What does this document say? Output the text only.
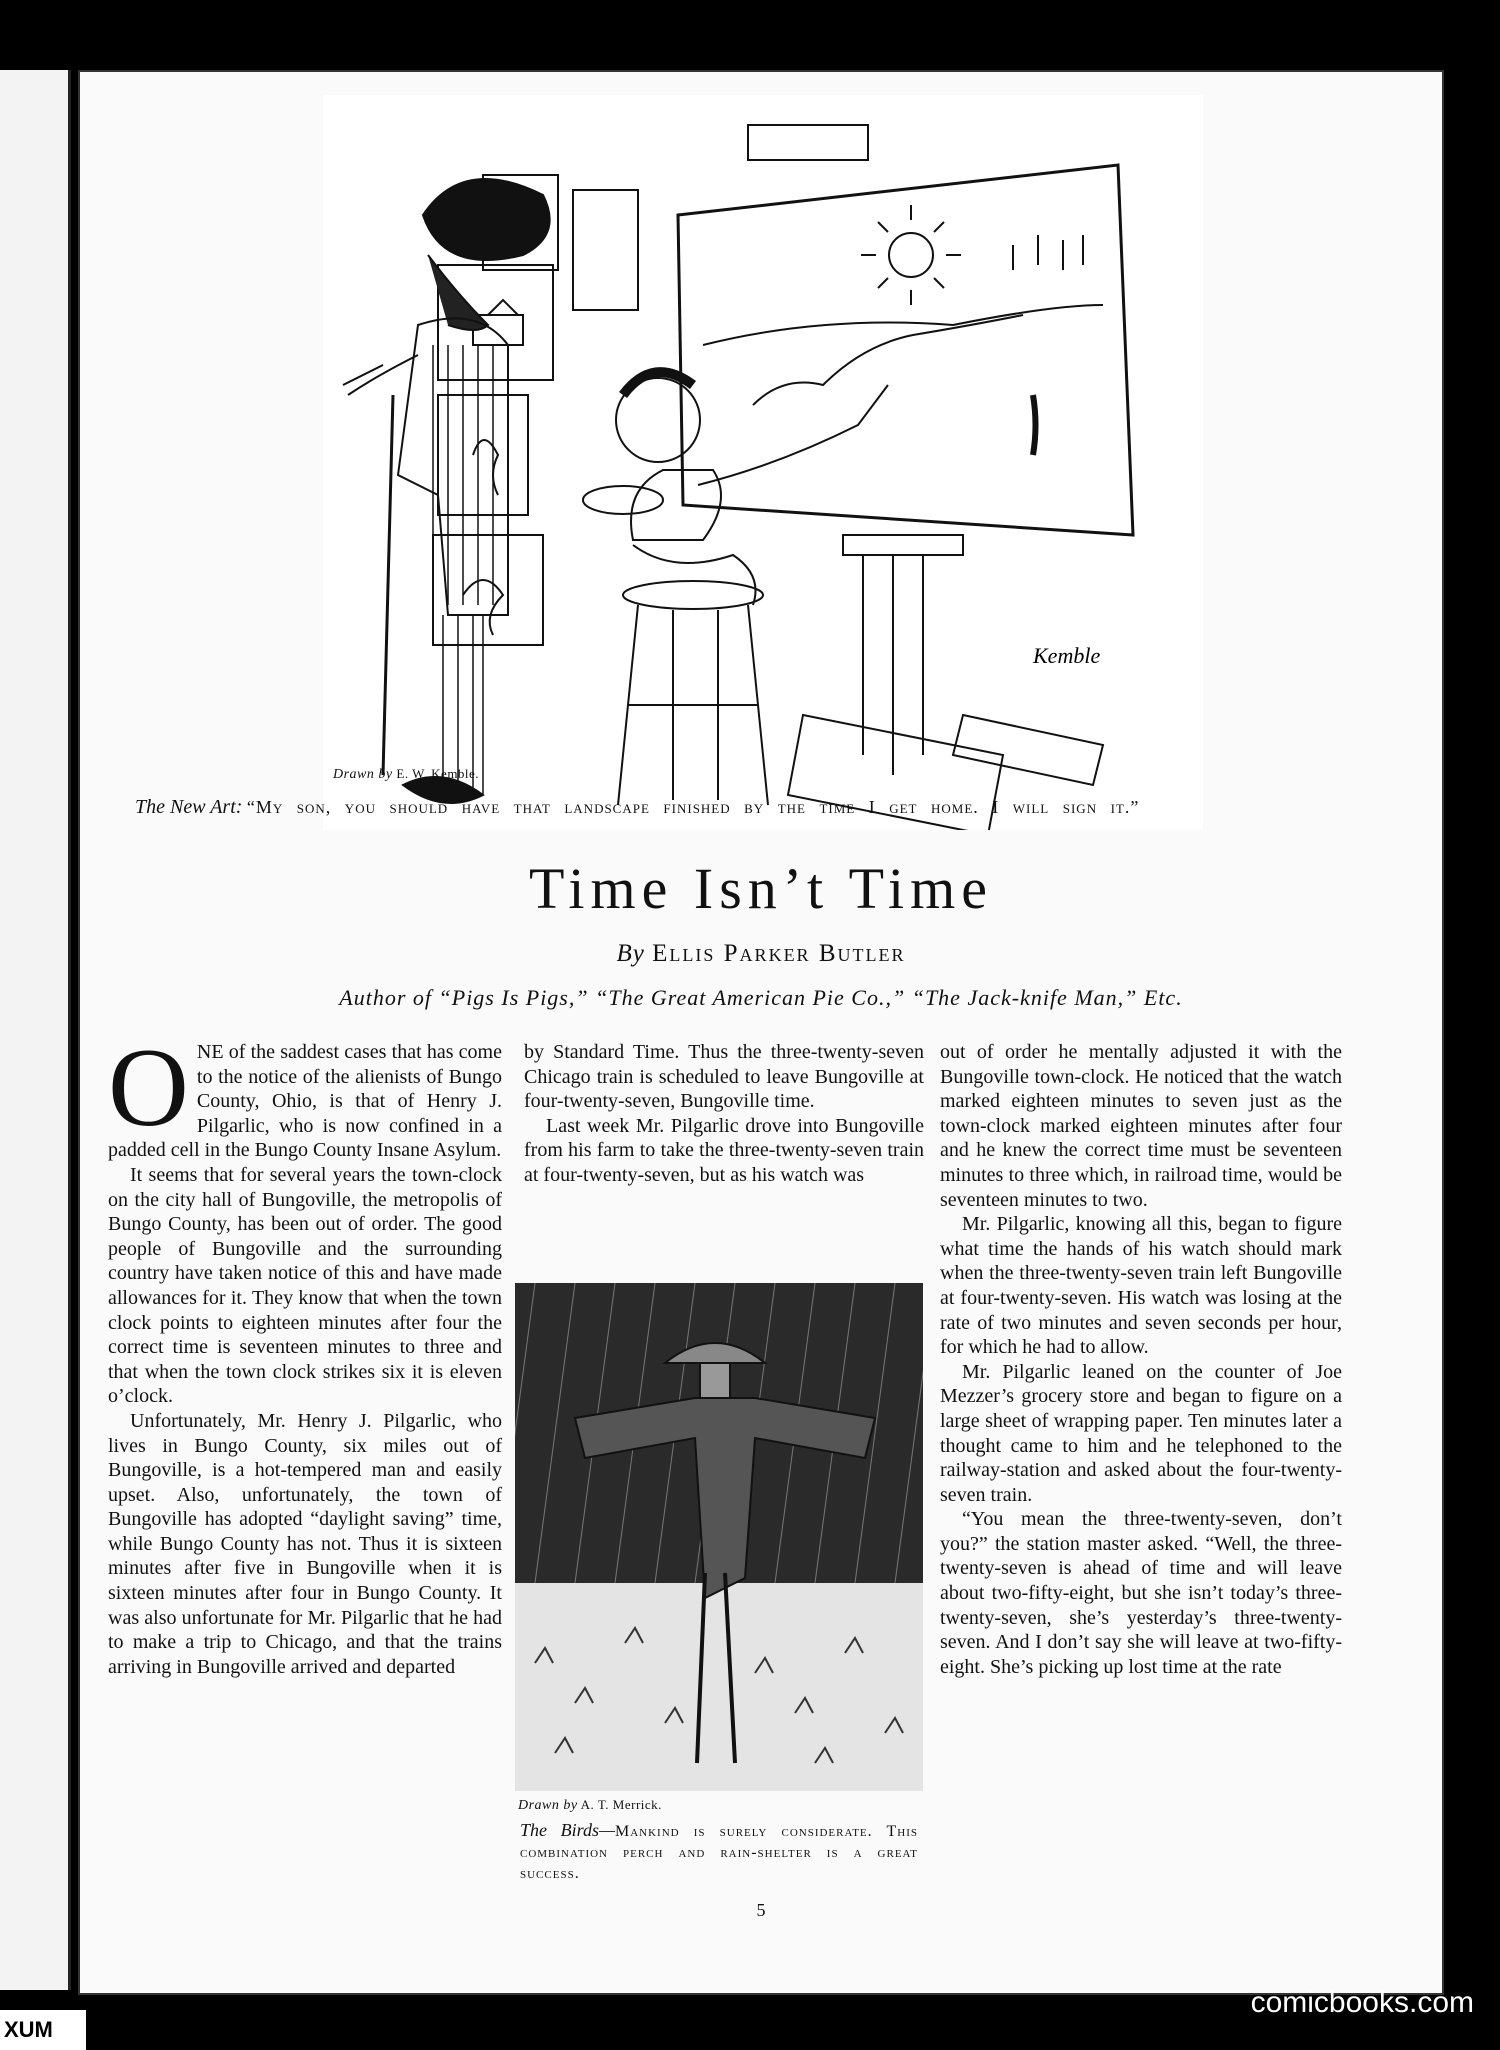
Kemble
Drawn by E. W. Kemble.
The New Art: “My son, you should have that landscape finished by the time I get home. I will sign it.”
Time Isn’t Time
By Ellis Parker Butler
Author of “Pigs Is Pigs,” “The Great American Pie Co.,” “The Jack-knife Man,” Etc.

ONE of the saddest cases that has come to the notice of the alienists of Bungo County, Ohio, is that of Henry J. Pilgarlic, who is now confined in a padded cell in the Bungo County Insane Asylum.

It seems that for several years the town-clock on the city hall of Bungoville, the metropolis of Bungo County, has been out of order. The good people of Bungoville and the surrounding country have taken notice of this and have made allowances for it. They know that when the town clock points to eighteen minutes after four the correct time is seventeen minutes to three and that when the town clock strikes six it is eleven o’clock.

Unfortunately, Mr. Henry J. Pilgarlic, who lives in Bungo County, six miles out of Bungoville, is a hot-tempered man and easily upset. Also, unfortunately, the town of Bungoville has adopted “daylight saving” time, while Bungo County has not. Thus it is sixteen minutes after five in Bungoville when it is sixteen minutes after four in Bungo County. It was also unfortunate for Mr. Pilgarlic that he had to make a trip to Chicago, and that the trains arriving in Bungoville arrived and departed

by Standard Time. Thus the three-twenty-seven Chicago train is scheduled to leave Bungoville at four-twenty-seven, Bungoville time.

Last week Mr. Pilgarlic drove into Bungoville from his farm to take the three-twenty-seven train at four-twenty-seven, but as his watch was

Drawn by A. T. Merrick.
The Birds—Mankind is surely considerate. This combination perch and rain-shelter is a great success.

out of order he mentally adjusted it with the Bungoville town-clock. He noticed that the watch marked eighteen minutes to seven just as the town-clock marked eighteen minutes after four and he knew the correct time must be seventeen minutes to three which, in railroad time, would be seventeen minutes to two.

Mr. Pilgarlic, knowing all this, began to figure what time the hands of his watch should mark when the three-twenty-seven train left Bungoville at four-twenty-seven. His watch was losing at the rate of two minutes and seven seconds per hour, for which he had to allow.

Mr. Pilgarlic leaned on the counter of Joe Mezzer’s grocery store and began to figure on a large sheet of wrapping paper. Ten minutes later a thought came to him and he telephoned to the railway-station and asked about the four-twenty-seven train.

“You mean the three-twenty-seven, don’t you?” the station master asked. “Well, the three-twenty-seven is ahead of time and will leave about two-fifty-eight, but she isn’t today’s three-twenty-seven, she’s yesterday’s three-twenty-seven. And I don’t say she will leave at two-fifty-eight. She’s picking up lost time at the rate

5
comicbooks.com
XUM
